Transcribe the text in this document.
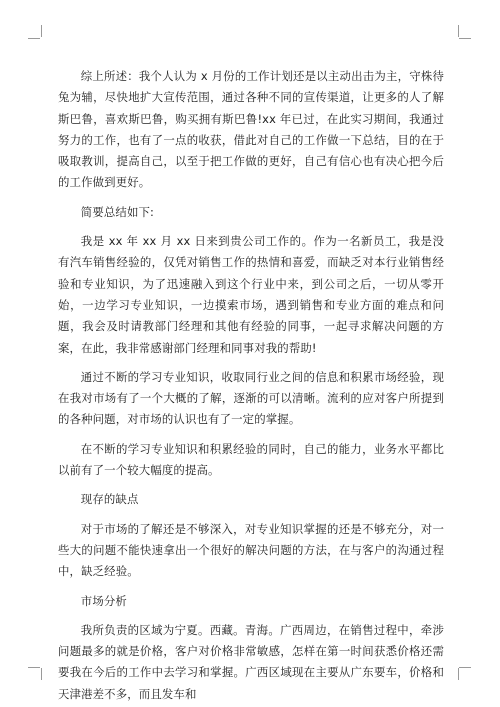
综上所述：我个人认为 x 月份的工作计划还是以主动出击为主，守株待兔为辅，尽快地扩大宣传范围，通过各种不同的宣传渠道，让更多的人了解斯巴鲁，喜欢斯巴鲁，购买拥有斯巴鲁!xx 年已过，在此实习期间，我通过努力的工作，也有了一点的收获，借此对自己的工作做一下总结，目的在于吸取教训，提高自己，以至于把工作做的更好，自己有信心也有决心把今后的工作做到更好。

简要总结如下:

我是 xx 年 xx 月 xx 日来到贵公司工作的。作为一名新员工，我是没有汽车销售经验的，仅凭对销售工作的热情和喜爱，而缺乏对本行业销售经验和专业知识，为了迅速融入到这个行业中来，到公司之后，一切从零开始，一边学习专业知识，一边摸索市场，遇到销售和专业方面的难点和问题，我会及时请教部门经理和其他有经验的同事，一起寻求解决问题的方案，在此，我非常感谢部门经理和同事对我的帮助!

通过不断的学习专业知识，收取同行业之间的信息和积累市场经验，现在我对市场有了一个大概的了解，逐渐的可以清晰。流利的应对客户所提到的各种问题，对市场的认识也有了一定的掌握。

在不断的学习专业知识和积累经验的同时，自己的能力，业务水平都比以前有了一个较大幅度的提高。

现存的缺点

对于市场的了解还是不够深入，对专业知识掌握的还是不够充分，对一些大的问题不能快速拿出一个很好的解决问题的方法，在与客户的沟通过程中，缺乏经验。

市场分析

我所负责的区域为宁夏。西藏。青海。广西周边，在销售过程中，牵涉问题最多的就是价格，客户对价格非常敏感，怎样在第一时间获悉价格还需要我在今后的工作中去学习和掌握。广西区域现在主要从广东要车，价格和天津港差不多，而且发车和
